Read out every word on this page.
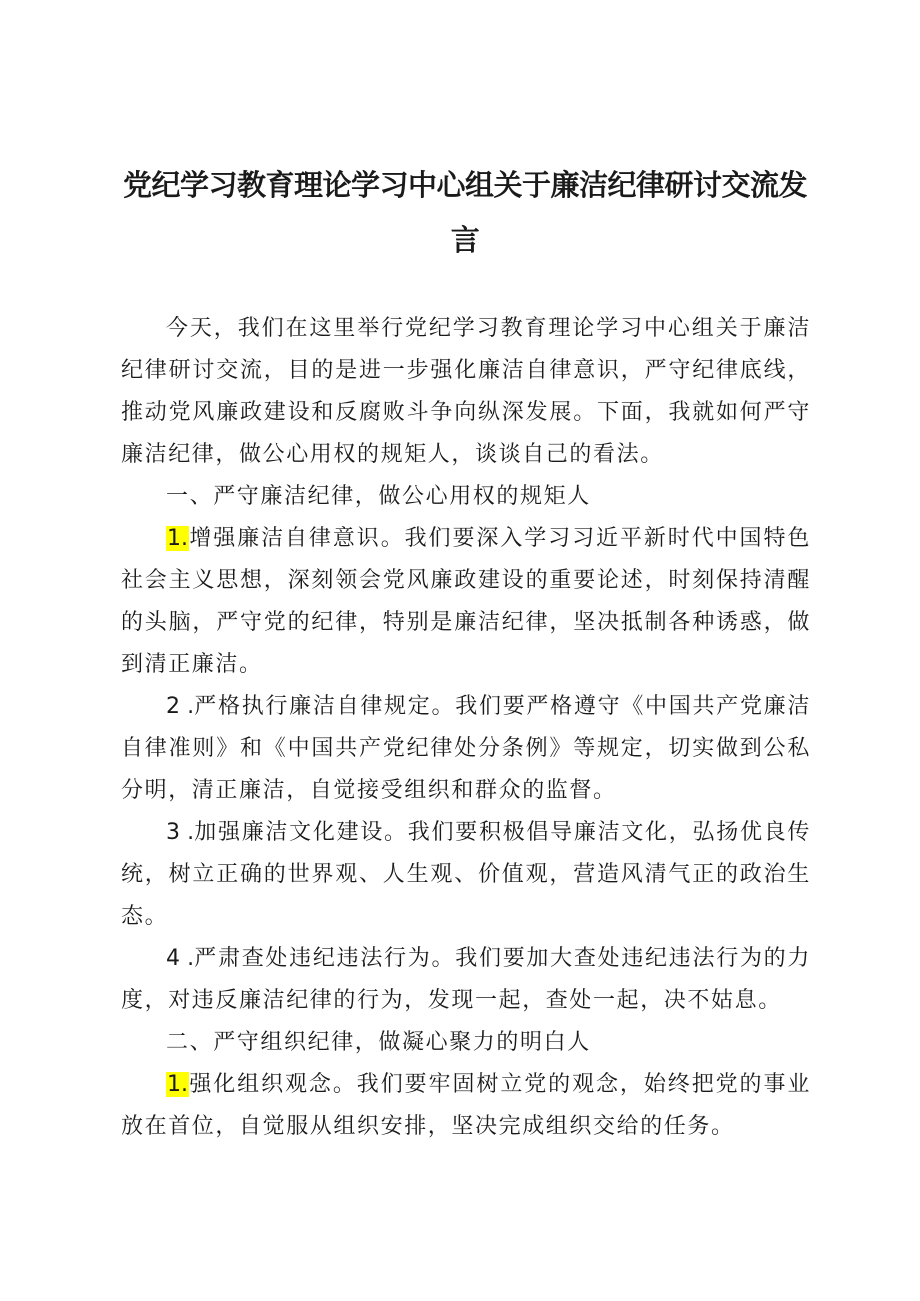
党纪学习教育理论学习中心组关于廉洁纪律研讨交流发
言

今天，我们在这里举行党纪学习教育理论学习中心组关于廉洁纪律研讨交流，目的是进一步强化廉洁自律意识，严守纪律底线，推动党风廉政建设和反腐败斗争向纵深发展。下面，我就如何严守廉洁纪律，做公心用权的规矩人，谈谈自己的看法。

一、严守廉洁纪律，做公心用权的规矩人

1.增强廉洁自律意识。我们要深入学习习近平新时代中国特色社会主义思想，深刻领会党风廉政建设的重要论述，时刻保持清醒的头脑，严守党的纪律，特别是廉洁纪律，坚决抵制各种诱惑，做到清正廉洁。

2 .严格执行廉洁自律规定。我们要严格遵守《中国共产党廉洁自律准则》和《中国共产党纪律处分条例》等规定，切实做到公私分明，清正廉洁，自觉接受组织和群众的监督。

3 .加强廉洁文化建设。我们要积极倡导廉洁文化，弘扬优良传统，树立正确的世界观、人生观、价值观，营造风清气正的政治生态。

4 .严肃查处违纪违法行为。我们要加大查处违纪违法行为的力度，对违反廉洁纪律的行为，发现一起，查处一起，决不姑息。

二、严守组织纪律，做凝心聚力的明白人

1.强化组织观念。我们要牢固树立党的观念，始终把党的事业放在首位，自觉服从组织安排，坚决完成组织交给的任务。
